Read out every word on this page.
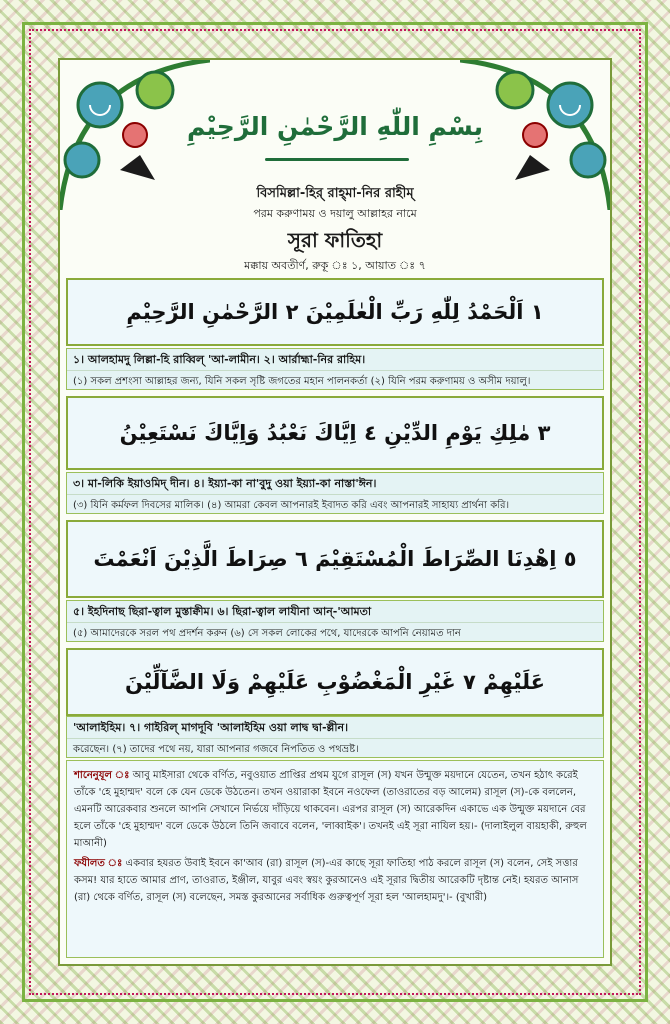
بِسْمِ اللّٰهِ الرَّحْمٰنِ الرَّحِيْمِ
বিসমিল্লা-হির্ রাহ্‌মা-নির রাহীম্
পরম করুণাময় ও দয়ালু আল্লাহর নামে
সূরা ফাতিহা
মক্কায় অবতীর্ণ, রুকূ ঃ ১, আয়াত ঃ ৭
١ اَلْحَمْدُ لِلّٰهِ رَبِّ الْعٰلَمِيْنَ ٢ الرَّحْمٰنِ الرَّحِيْمِ
১। আলহামদু লিল্লা-হি রাব্বিল্ 'আ-লামীন। ২। আর্রাহ্মা-নির রাহিম।
(১) সকল প্রশংসা আল্লাহর জন্য, যিনি সকল সৃষ্টি জগতের মহান পালনকর্তা (২) যিনি পরম করুণাময় ও অসীম দয়ালু।
٣ مٰلِكِ يَوْمِ الدِّيْنِ ٤ اِيَّاكَ نَعْبُدُ وَاِيَّاكَ نَسْتَعِيْنُ
৩। মা-লিকি ইয়াওমিদ্ দীন। ৪। ইয়্যা-কা না'বুদু ওয়া ইয়্যা-কা নাস্তা'ঈন।
(৩) যিনি কর্মফল দিবসের মালিক। (৪) আমরা কেবল আপনারই ইবাদত করি এবং আপনারই সাহায্য প্রার্থনা করি।
٥ اِهْدِنَا الصِّرَاطَ الْمُسْتَقِيْمَ ٦ صِرَاطَ الَّذِيْنَ اَنْعَمْتَ
৫। ইহদিনাছ ছিরা-ত্বাল মুস্তাক্বীম। ৬। ছিরা-ত্বাল লাযীনা আন্-'আমতা
(৫) আমাদেরকে সরল পথ প্রদর্শন করুন (৬) সে সকল লোকের পথে, যাদেরকে আপনি নেয়ামত দান
عَلَيْهِمْ ٧ غَيْرِ الْمَغْضُوْبِ عَلَيْهِمْ وَلَا الضَّآلِّيْنَ
'আলাইহিম। ৭। গাইরিল্ মাগদূবি 'আলাইহিম ওয়া লাদ্ব দ্বা-ল্লীন।
করেছেন। (৭) তাদের পথে নয়, যারা আপনার গজবে নিপতিত ও পথভ্রষ্ট।

শানেনুযূল ঃ আবু মাইসারা থেকে বর্ণিত, নবুওয়াত প্রাপ্তির প্রথম যুগে রাসূল (স) যখন উন্মুক্ত ময়দানে যেতেন, তখন হঠাৎ করেই তাঁকে 'হে মুহাম্মদ' বলে কে যেন ডেকে উঠতেন। তখন ওয়ারাকা ইবনে নওফেল (তাওরাতের বড় আলেম) রাসূল (স)-কে বললেন, এমনটি আরেকবার শুনলে আপনি সেখানে নির্ভয়ে দাঁড়িয়ে থাকবেন। এরপর রাসূল (স) আরেকদিন একাভে এক উন্মুক্ত ময়দানে বের হলে তাঁকে 'হে মুহাম্মদ' বলে ডেকে উঠলে তিনি জবাবে বলেন, 'লাব্বাইক'। তখনই এই সূরা নাযিল হয়।- (দালাইলুল বায়হাকী, রুহুল মাআনী)

ফযীলত ঃ একবার হযরত উবাই ইবনে কা'আব (রা) রাসূল (স)-এর কাছে সূরা ফাতিহা পাঠ করলে রাসূল (স) বলেন, সেই সত্তার কসম! যার হাতে আমার প্রাণ, তাওরাত, ইঞ্জীল, যাবুর এবং স্বয়ং কুরআনেও এই সূরার দ্বিতীয় আরেকটি দৃষ্টান্ত নেই। হযরত আনাস (রা) থেকে বর্ণিত, রাসূল (স) বলেছেন, সমস্ত কুরআনের সর্বাধিক গুরুত্বপূর্ণ সূরা হল 'আলহামদু'।- (বুখারী)
